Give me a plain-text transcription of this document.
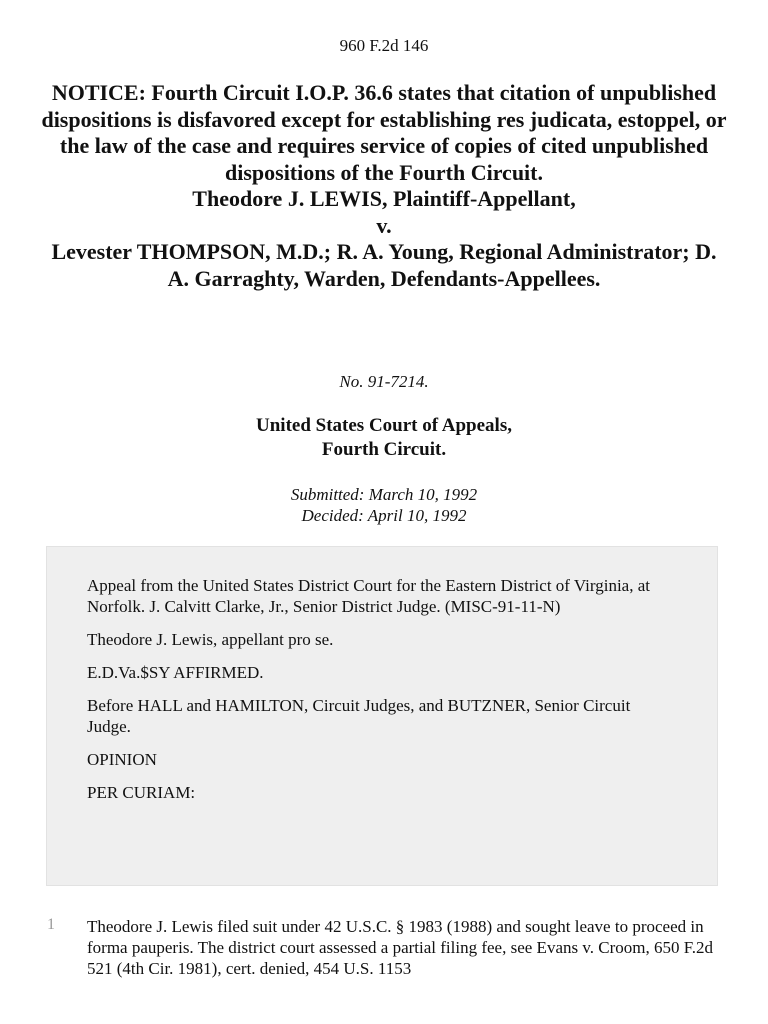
960 F.2d 146
NOTICE: Fourth Circuit I.O.P. 36.6 states that citation of unpublished dispositions is disfavored except for establishing res judicata, estoppel, or the law of the case and requires service of copies of cited unpublished dispositions of the Fourth Circuit.
Theodore J. LEWIS, Plaintiff-Appellant,
v.
Levester THOMPSON, M.D.; R. A. Young, Regional Administrator; D. A. Garraghty, Warden, Defendants-Appellees.
No. 91-7214.
United States Court of Appeals,
Fourth Circuit.
Submitted: March 10, 1992
Decided: April 10, 1992

Appeal from the United States District Court for the Eastern District of Virginia, at Norfolk. J. Calvitt Clarke, Jr., Senior District Judge. (MISC-91-11-N)

Theodore J. Lewis, appellant pro se.

E.D.Va.$SY AFFIRMED.

Before HALL and HAMILTON, Circuit Judges, and BUTZNER, Senior Circuit Judge.

OPINION

PER CURIAM:

1 Theodore J. Lewis filed suit under 42 U.S.C. § 1983 (1988) and sought leave to proceed in forma pauperis. The district court assessed a partial filing fee, see Evans v. Croom, 650 F.2d 521 (4th Cir. 1981), cert. denied, 454 U.S. 1153
